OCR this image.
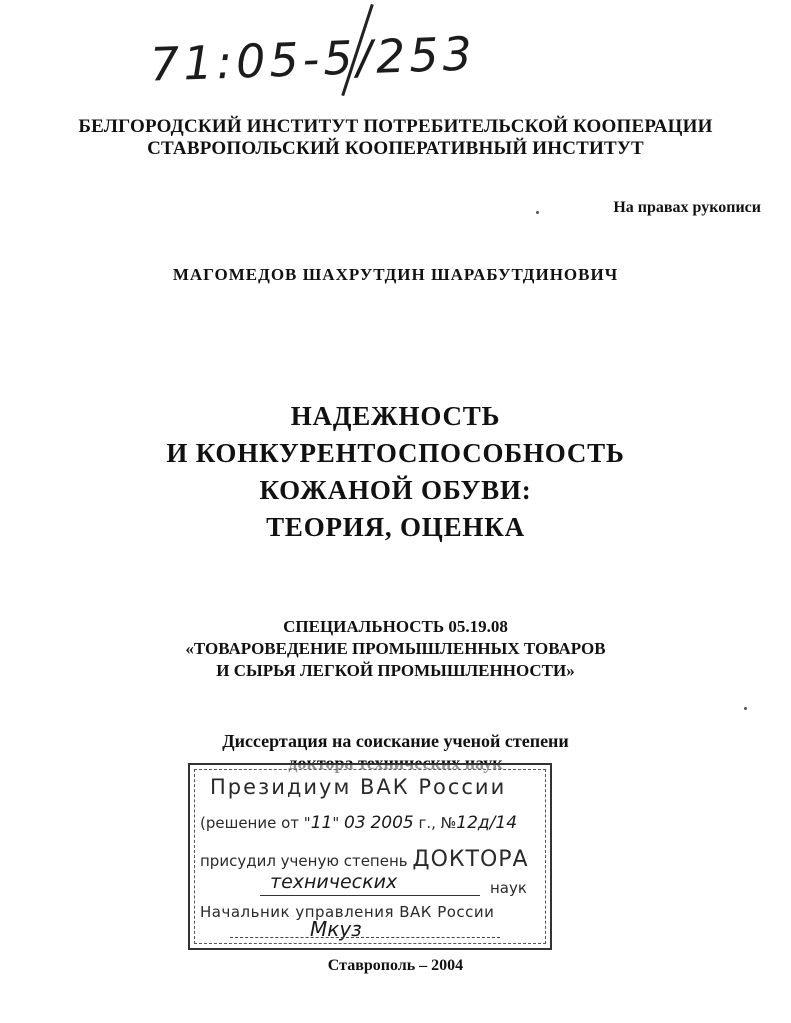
71:05-5/253
БЕЛГОРОДСКИЙ ИНСТИТУТ ПОТРЕБИТЕЛЬСКОЙ КООПЕРАЦИИ
СТАВРОПОЛЬСКИЙ КООПЕРАТИВНЫЙ ИНСТИТУТ
На правах рукописи
МАГОМЕДОВ ШАХРУТДИН ШАРАБУТДИНОВИЧ
НАДЕЖНОСТЬ
И КОНКУРЕНТОСПОСОБНОСТЬ
КОЖАНОЙ ОБУВИ:
ТЕОРИЯ, ОЦЕНКА
СПЕЦИАЛЬНОСТЬ 05.19.08
«ТОВАРОВЕДЕНИЕ ПРОМЫШЛЕННЫХ ТОВАРОВ
И СЫРЬЯ ЛЕГКОЙ ПРОМЫШЛЕННОСТИ»
Диссертация на соискание ученой степени
Президиум ВАК России
(решение от "11" 03 2005 г., №12д/14
присудил ученую степень ДОКТОРА
технических	наук
Начальник управления ВАК России
Мкуз
Ставрополь – 2004
